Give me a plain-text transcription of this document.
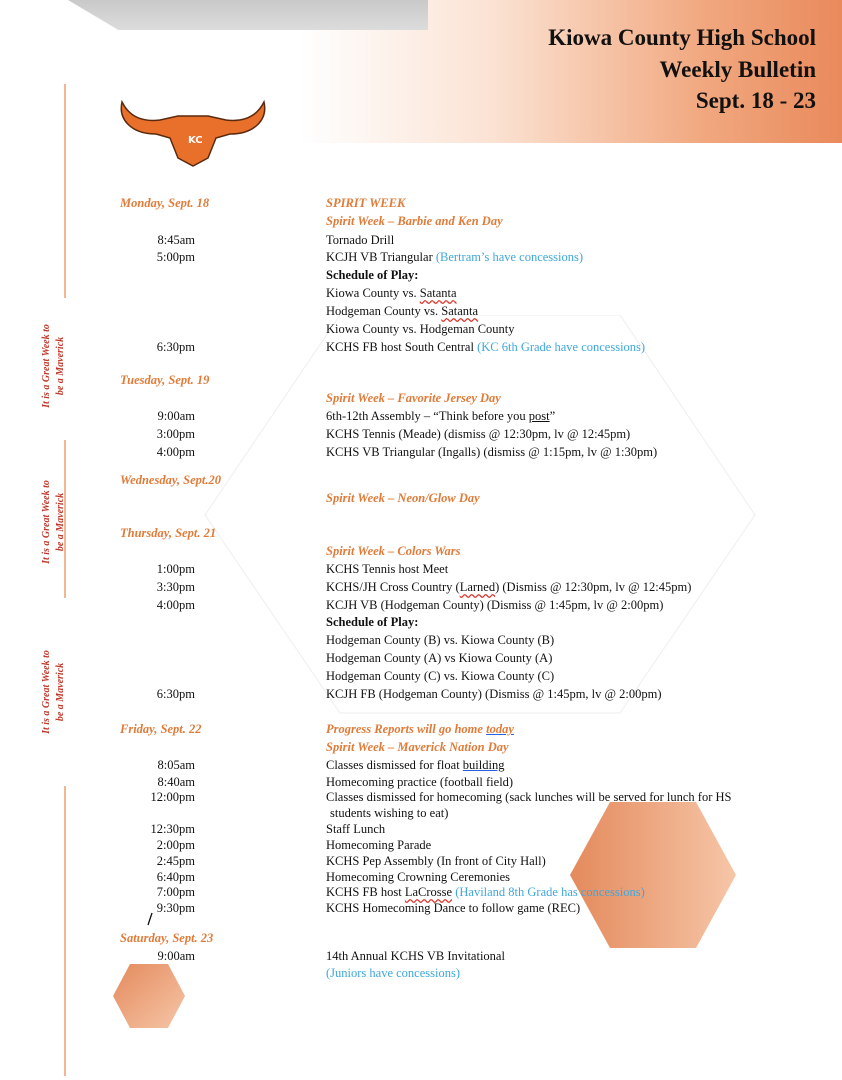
Kiowa County High School
Weekly Bulletin
Sept. 18 - 23
KC
It is a Great Week to be a Maverick
It is a Great Week to be a Maverick
It is a Great Week to be a Maverick
Monday, Sept. 18
Tuesday, Sept. 19
Wednesday, Sept.20
Thursday, Sept. 21
Friday, Sept. 22
Saturday, Sept. 23
8:45am
5:00pm
6:30pm
9:00am
3:00pm
4:00pm
1:00pm
3:30pm
4:00pm
6:30pm
8:05am
8:40am
12:00pm
12:30pm
2:00pm
2:45pm
6:40pm
7:00pm
9:30pm
9:00am
SPIRIT WEEK
Spirit Week – Barbie and Ken Day
Tornado Drill
KCJH VB Triangular (Bertram’s have concessions)
Schedule of Play:
Kiowa County vs. Satanta
Hodgeman County vs. Satanta
Kiowa County vs. Hodgeman County
KCHS FB host South Central (KC 6th Grade have concessions)
Spirit Week – Favorite Jersey Day
6th-12th Assembly – “Think before you post”
KCHS Tennis (Meade) (dismiss @ 12:30pm, lv @ 12:45pm)
KCHS VB Triangular (Ingalls) (dismiss @ 1:15pm, lv @ 1:30pm)
Spirit Week – Neon/Glow Day
Spirit Week – Colors Wars
KCHS Tennis host Meet
KCHS/JH Cross Country (Larned) (Dismiss @ 12:30pm, lv @ 12:45pm)
KCJH VB (Hodgeman County) (Dismiss @ 1:45pm, lv @ 2:00pm)
Schedule of Play:
Hodgeman County (B) vs. Kiowa County (B)
Hodgeman County (A) vs Kiowa County (A)
Hodgeman County (C) vs. Kiowa County (C)
KCJH FB (Hodgeman County) (Dismiss @ 1:45pm, lv @ 2:00pm)
Progress Reports will go home today
Spirit Week – Maverick Nation Day
Classes dismissed for float building
Homecoming practice (football field)
Classes dismissed for homecoming (sack lunches will be served for lunch for HS
students wishing to eat)
Staff Lunch
Homecoming Parade
KCHS Pep Assembly (In front of City Hall)
Homecoming Crowning Ceremonies
KCHS FB host LaCrosse (Haviland 8th Grade has concessions)
KCHS Homecoming Dance to follow game (REC)
14th Annual KCHS VB Invitational
(Juniors have concessions)
